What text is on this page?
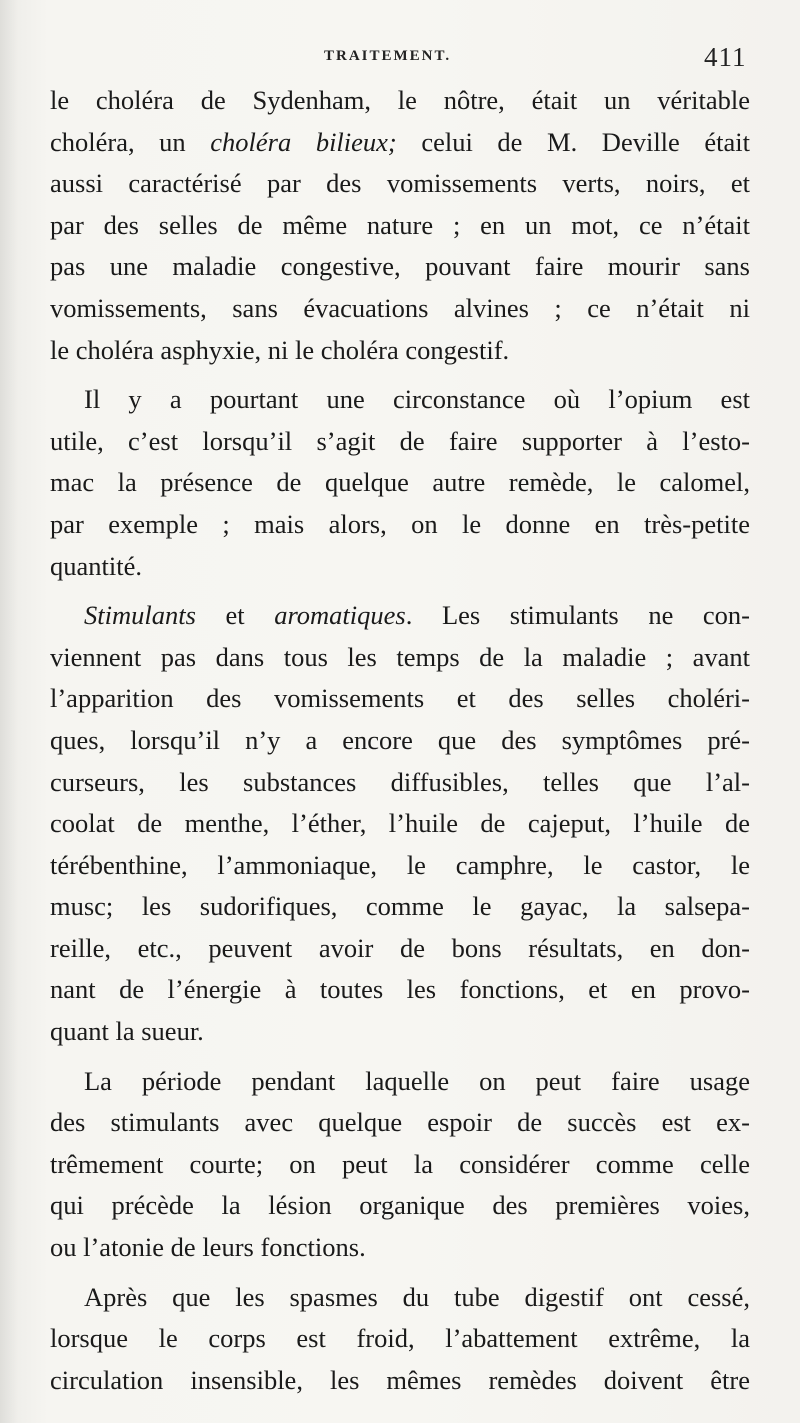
TRAITEMENT.	411
le choléra de Sydenham, le nôtre, était un véritable
choléra, un choléra bilieux; celui de M. Deville était
aussi caractérisé par des vomissements verts, noirs, et
par des selles de même nature ; en un mot, ce n’était
pas une maladie congestive, pouvant faire mourir sans
vomissements, sans évacuations alvines ; ce n’était ni
le choléra asphyxie, ni le choléra congestif.
Il y a pourtant une circonstance où l’opium est
utile, c’est lorsqu’il s’agit de faire supporter à l’esto-
mac la présence de quelque autre remède, le calomel,
par exemple ; mais alors, on le donne en très-petite
quantité.
Stimulants et aromatiques. Les stimulants ne con-
viennent pas dans tous les temps de la maladie ; avant
l’apparition des vomissements et des selles choléri-
ques, lorsqu’il n’y a encore que des symptômes pré-
curseurs, les substances diffusibles, telles que l’al-
coolat de menthe, l’éther, l’huile de cajeput, l’huile de
térébenthine, l’ammoniaque, le camphre, le castor, le
musc; les sudorifiques, comme le gayac, la salsepa-
reille, etc., peuvent avoir de bons résultats, en don-
nant de l’énergie à toutes les fonctions, et en provo-
quant la sueur.
La période pendant laquelle on peut faire usage
des stimulants avec quelque espoir de succès est ex-
trêmement courte; on peut la considérer comme celle
qui précède la lésion organique des premières voies,
ou l’atonie de leurs fonctions.
Après que les spasmes du tube digestif ont cessé,
lorsque le corps est froid, l’abattement extrême, la
circulation insensible, les mêmes remèdes doivent être
